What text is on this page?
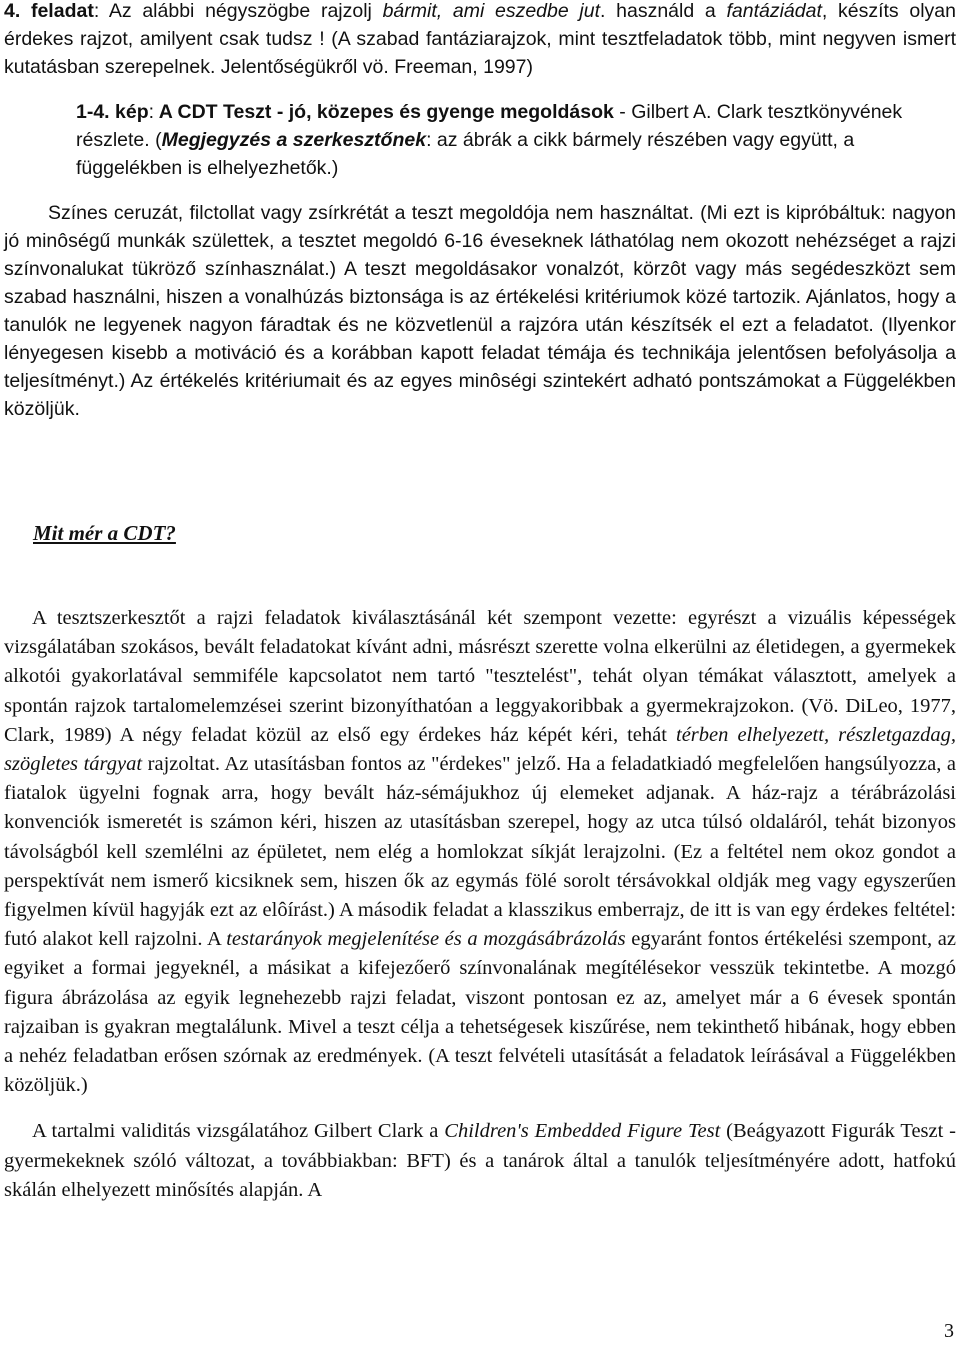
4. feladat: Az alábbi négyszögbe rajzolj bármit, ami eszedbe jut. használd a fantáziádat, készíts olyan érdekes rajzot, amilyent csak tudsz ! (A szabad fantáziarajzok, mint tesztfeladatok több, mint negyven ismert kutatásban szerepelnek. Jelentőségükről vö. Freeman, 1997)
1-4. kép: A CDT Teszt - jó, közepes és gyenge megoldások - Gilbert A. Clark tesztkönyvének részlete. (Megjegyzés a szerkesztőnek: az ábrák a cikk bármely részében vagy együtt, a függelékben is elhelyezhetők.)
Színes ceruzát, filctollat vagy zsírkrétát a teszt megoldója nem használtat. (Mi ezt is kipróbáltuk: nagyon jó minôségű munkák születtek, a tesztet megoldó 6-16 éveseknek láthatólag nem okozott nehézséget a rajzi színvonalukat tükröző színhasználat.) A teszt megoldásakor vonalzót, körzôt vagy más segédeszközt sem szabad használni, hiszen a vonalhúzás biztonsága is az értékelési kritériumok közé tartozik. Ajánlatos, hogy a tanulók ne legyenek nagyon fáradtak és ne közvetlenül a rajzóra után készítsék el ezt a feladatot. (Ilyenkor lényegesen kisebb a motiváció és a korábban kapott feladat témája és technikája jelentősen befolyásolja a teljesítményt.) Az értékelés kritériumait és az egyes minôségi szintekért adható pontszámokat a Függelékben közöljük.
Mit mér a CDT?
A tesztszerkesztőt a rajzi feladatok kiválasztásánál két szempont vezette: egyrészt a vizuális képességek vizsgálatában szokásos, bevált feladatokat kívánt adni, másrészt szerette volna elkerülni az életidegen, a gyermekek alkotói gyakorlatával semmiféle kapcsolatot nem tartó "tesztelést", tehát olyan témákat választott, amelyek a spontán rajzok tartalomelemzései szerint bizonyíthatóan a leggyakoribbak a gyermekrajzokon. (Vö. DiLeo, 1977, Clark, 1989) A négy feladat közül az első egy érdekes ház képét kéri, tehát térben elhelyezett, részletgazdag, szögletes tárgyat rajzoltat. Az utasításban fontos az "érdekes" jelző. Ha a feladatkiadó megfelelően hangsúlyozza, a fiatalok ügyelni fognak arra, hogy bevált ház-sémájukhoz új elemeket adjanak. A ház-rajz a térábrázolási konvenciók ismeretét is számon kéri, hiszen az utasításban szerepel, hogy az utca túlsó oldaláról, tehát bizonyos távolságból kell szemlélni az épületet, nem elég a homlokzat síkját lerajzolni. (Ez a feltétel nem okoz gondot a perspektívát nem ismerő kicsiknek sem, hiszen ők az egymás fölé sorolt térsávokkal oldják meg vagy egyszerűen figyelmen kívül hagyják ezt az elôírást.) A második feladat a klasszikus emberrajz, de itt is van egy érdekes feltétel: futó alakot kell rajzolni. A testarányok megjelenítése és a mozgásábrázolás egyaránt fontos értékelési szempont, az egyiket a formai jegyeknél, a másikat a kifejezőerő színvonalának megítélésekor vesszük tekintetbe. A mozgó figura ábrázolása az egyik legnehezebb rajzi feladat, viszont pontosan ez az, amelyet már a 6 évesek spontán rajzaiban is gyakran megtalálunk. Mivel a teszt célja a tehetségesek kiszűrése, nem tekinthető hibának, hogy ebben a nehéz feladatban erősen szórnak az eredmények. (A teszt felvételi utasítását a feladatok leírásával a Függelékben közöljük.)
A tartalmi validitás vizsgálatához Gilbert Clark a Children's Embedded Figure Test (Beágyazott Figurák Teszt - gyermekeknek szóló változat, a továbbiakban: BFT) és a tanárok által a tanulók teljesítményére adott, hatfokú skálán elhelyezett minősítés alapján. A
3
